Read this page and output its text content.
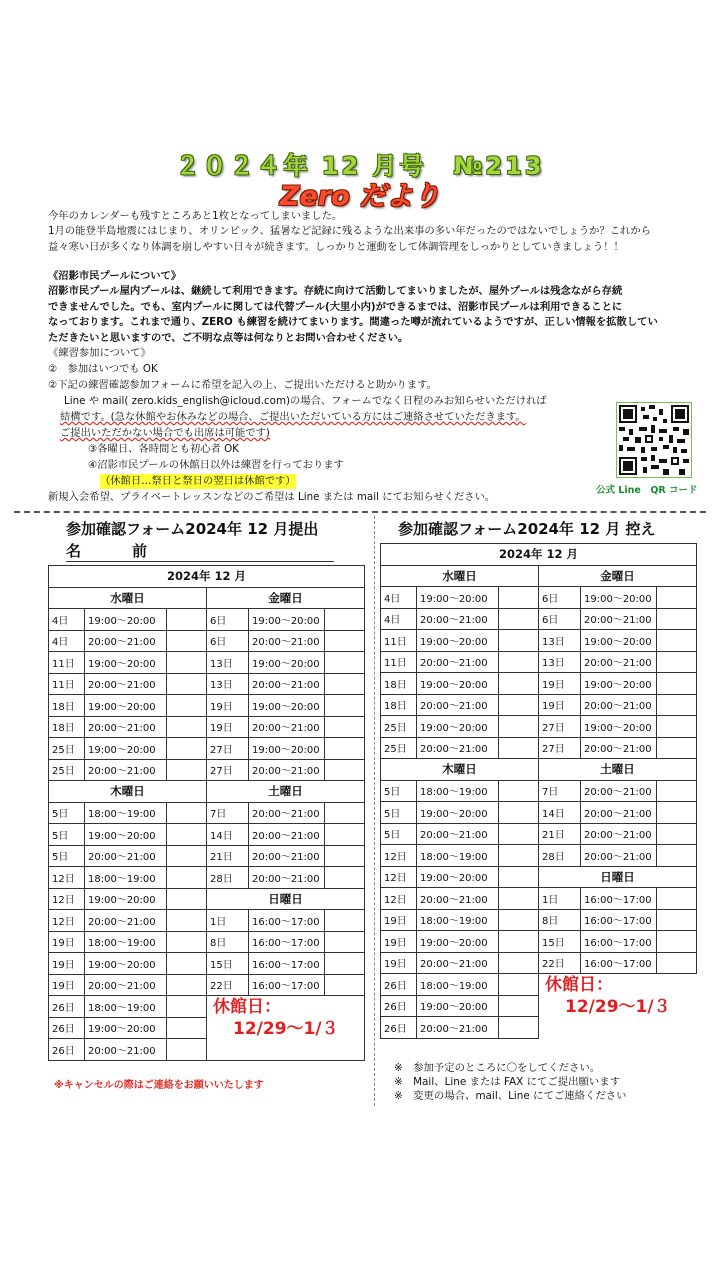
２０２４年 12 月号　№213
Zero だより
今年のカレンダーも残すところあと1枚となってしまいました。
1月の能登半島地震にはじまり、オリンピック、猛暑など記録に残るような出来事の多い年だったのではないでしょうか？これから
益々寒い日が多くなり体調を崩しやすい日々が続きます。しっかりと運動をして体調管理をしっかりとしていきましょう！！
《沼影市民プールについて》
沼影市民プール屋内プールは、継続して利用できます。存続に向けて活動してまいりましたが、屋外プールは残念ながら存続
できませんでした。でも、室内プールに関しては代替プール(大里小内)ができるまでは、沼影市民プールは利用できることに
なっております。これまで通り、ZERO も練習を続けてまいります。間違った噂が流れているようですが、正しい情報を拡散してい
ただきたいと思いますので、ご不明な点等は何なりとお問い合わせください。
《練習参加について》
②　参加はいつでも OK
②下記の練習確認参加フォームに希望を記入の上、ご提出いただけると助かります。
Line や mail( zero.kids_english@icloud.com)の場合、フォームでなく日程のみお知らせいただければ
結構です。(急な休館やお休みなどの場合、ご提出いただいている方にはご連絡させていただきます。
ご提出いただかない場合でも出席は可能です)
③各曜日、各時間とも初心者 OK
④沼影市民プールの休館日以外は練習を行っております
（休館日…祭日と祭日の翌日は休館です）
新規入会希望、プライベートレッスンなどのご希望は Line または mail にてお知らせください。
公式 Line　QR コード
参加確認フォーム2024年 12 月提出
名　前
2024年 12 月					
水曜日			金曜日		
4日	19:00～20:00		6日	19:00～20:00	
4日	20:00～21:00		6日	20:00～21:00	
11日	19:00～20:00		13日	19:00～20:00	
11日	20:00～21:00		13日	20:00～21:00	
18日	19:00～20:00		19日	19:00～20:00	
18日	20:00～21:00		19日	20:00～21:00	
25日	19:00～20:00		27日	19:00～20:00	
25日	20:00～21:00		27日	20:00～21:00	
木曜日			土曜日		
5日	18:00～19:00		7日	20:00～21:00	
5日	19:00～20:00		14日	20:00～21:00	
5日	20:00～21:00		21日	20:00～21:00	
12日	18:00～19:00		28日	20:00～21:00	
12日	19:00～20:00		日曜日		
12日	20:00～21:00		1日	16:00～17:00	
19日	18:00～19:00		8日	16:00～17:00	
19日	19:00～20:00		15日	16:00～17:00	
19日	20:00～21:00		22日	16:00～17:00	
26日	18:00～19:00		休館日：
12/29～1/３		

26日	19:00～20:00				
26日	20:00～21:00				
参加確認フォーム2024年 12 月 控え
2024年 12 月					
水曜日			金曜日		
4日	19:00～20:00		6日	19:00～20:00	
4日	20:00～21:00		6日	20:00～21:00	
11日	19:00～20:00		13日	19:00～20:00	
11日	20:00～21:00		13日	20:00～21:00	
18日	19:00～20:00		19日	19:00～20:00	
18日	20:00～21:00		19日	20:00～21:00	
25日	19:00～20:00		27日	19:00～20:00	
25日	20:00～21:00		27日	20:00～21:00	
木曜日			土曜日		
5日	18:00～19:00		7日	20:00～21:00	
5日	19:00～20:00		14日	20:00～21:00	
5日	20:00～21:00		21日	20:00～21:00	
12日	18:00～19:00		28日	20:00～21:00	
12日	19:00～20:00		日曜日		
12日	20:00～21:00		1日	16:00～17:00	
19日	18:00～19:00		8日	16:00～17:00	
19日	19:00～20:00		15日	16:00～17:00	
19日	20:00～21:00		22日	16:00～17:00	
26日	18:00～19:00		休館日：
12/29～1/３		

26日	19:00～20:00				
26日	20:00～21:00				
※キャンセルの際はご連絡をお願いいたします
※　参加予定のところに〇をしてください。
※　Mail、Line または FAX にてご提出願います
※　変更の場合、mail、Line にてご連絡ください
